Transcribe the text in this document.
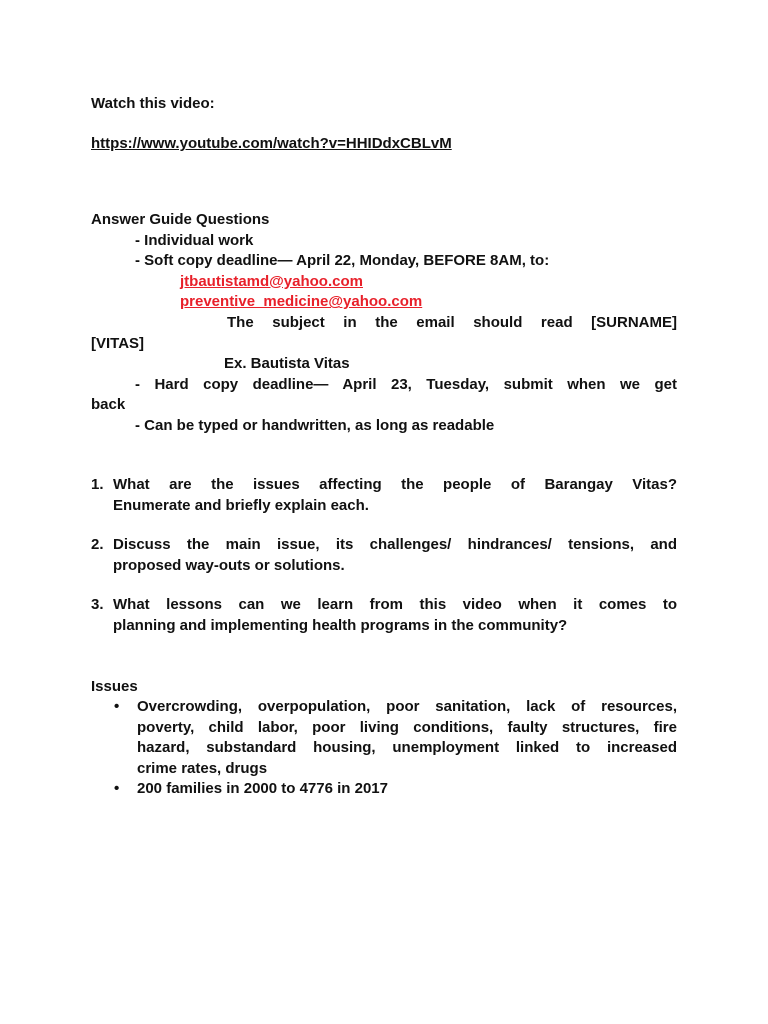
Watch this video:
https://www.youtube.com/watch?v=HHIDdxCBLvM
Answer Guide Questions
- Individual work
- Soft copy deadline— April 22, Monday, BEFORE 8AM, to:
jtbautistamd@yahoo.com
preventive_medicine@yahoo.com
The subject in the email should read [SURNAME]
[VITAS]
Ex. Bautista Vitas
- Hard copy deadline— April 23, Tuesday, submit when we get
back
- Can be typed or handwritten, as long as readable
1. What are the issues affecting the people of Barangay Vitas?
Enumerate and briefly explain each.
2. Discuss the main issue, its challenges/ hindrances/ tensions, and
proposed way-outs or solutions.
3. What lessons can we learn from this video when it comes to
planning and implementing health programs in the community?
Issues
• Overcrowding, overpopulation, poor sanitation, lack of resources,
poverty, child labor, poor living conditions, faulty structures, fire
hazard, substandard housing, unemployment linked to increased
crime rates, drugs
• 200 families in 2000 to 4776 in 2017
